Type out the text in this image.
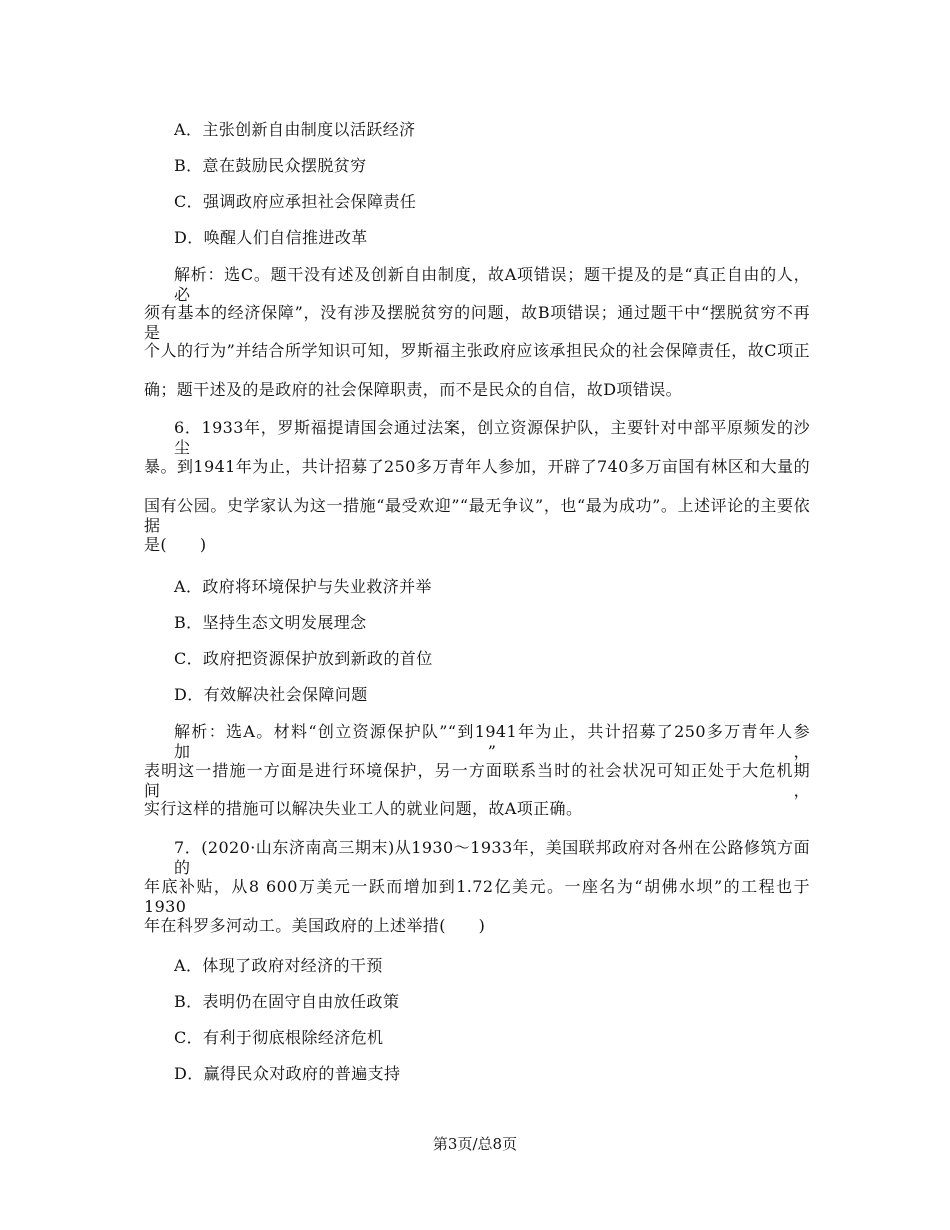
A．主张创新自由制度以活跃经济
B．意在鼓励民众摆脱贫穷
C．强调政府应承担社会保障责任
D．唤醒人们自信推进改革
解析：选C。题干没有述及创新自由制度，故A项错误；题干提及的是“真正自由的人，必
须有基本的经济保障”，没有涉及摆脱贫穷的问题，故B项错误；通过题干中“摆脱贫穷不再是
个人的行为”并结合所学知识可知，罗斯福主张政府应该承担民众的社会保障责任，故C项正
确；题干述及的是政府的社会保障职责，而不是民众的自信，故D项错误。
6．1933年，罗斯福提请国会通过法案，创立资源保护队，主要针对中部平原频发的沙尘
暴。到1941年为止，共计招募了250多万青年人参加，开辟了740多万亩国有林区和大量的
国有公园。史学家认为这一措施“最受欢迎”“最无争议”，也“最为成功”。上述评论的主要依据
是(　　)
A．政府将环境保护与失业救济并举
B．坚持生态文明发展理念
C．政府把资源保护放到新政的首位
D．有效解决社会保障问题
解析：选A。材料“创立资源保护队”“到1941年为止，共计招募了250多万青年人参加”，
表明这一措施一方面是进行环境保护，另一方面联系当时的社会状况可知正处于大危机期间，
实行这样的措施可以解决失业工人的就业问题，故A项正确。
7．(2020·山东济南高三期末)从1930～1933年，美国联邦政府对各州在公路修筑方面的
年底补贴，从8 600万美元一跃而增加到1.72亿美元。一座名为“胡佛水坝”的工程也于1930
年在科罗多河动工。美国政府的上述举措(　　)
A．体现了政府对经济的干预
B．表明仍在固守自由放任政策
C．有利于彻底根除经济危机
D．赢得民众对政府的普遍支持
第3页/总8页
